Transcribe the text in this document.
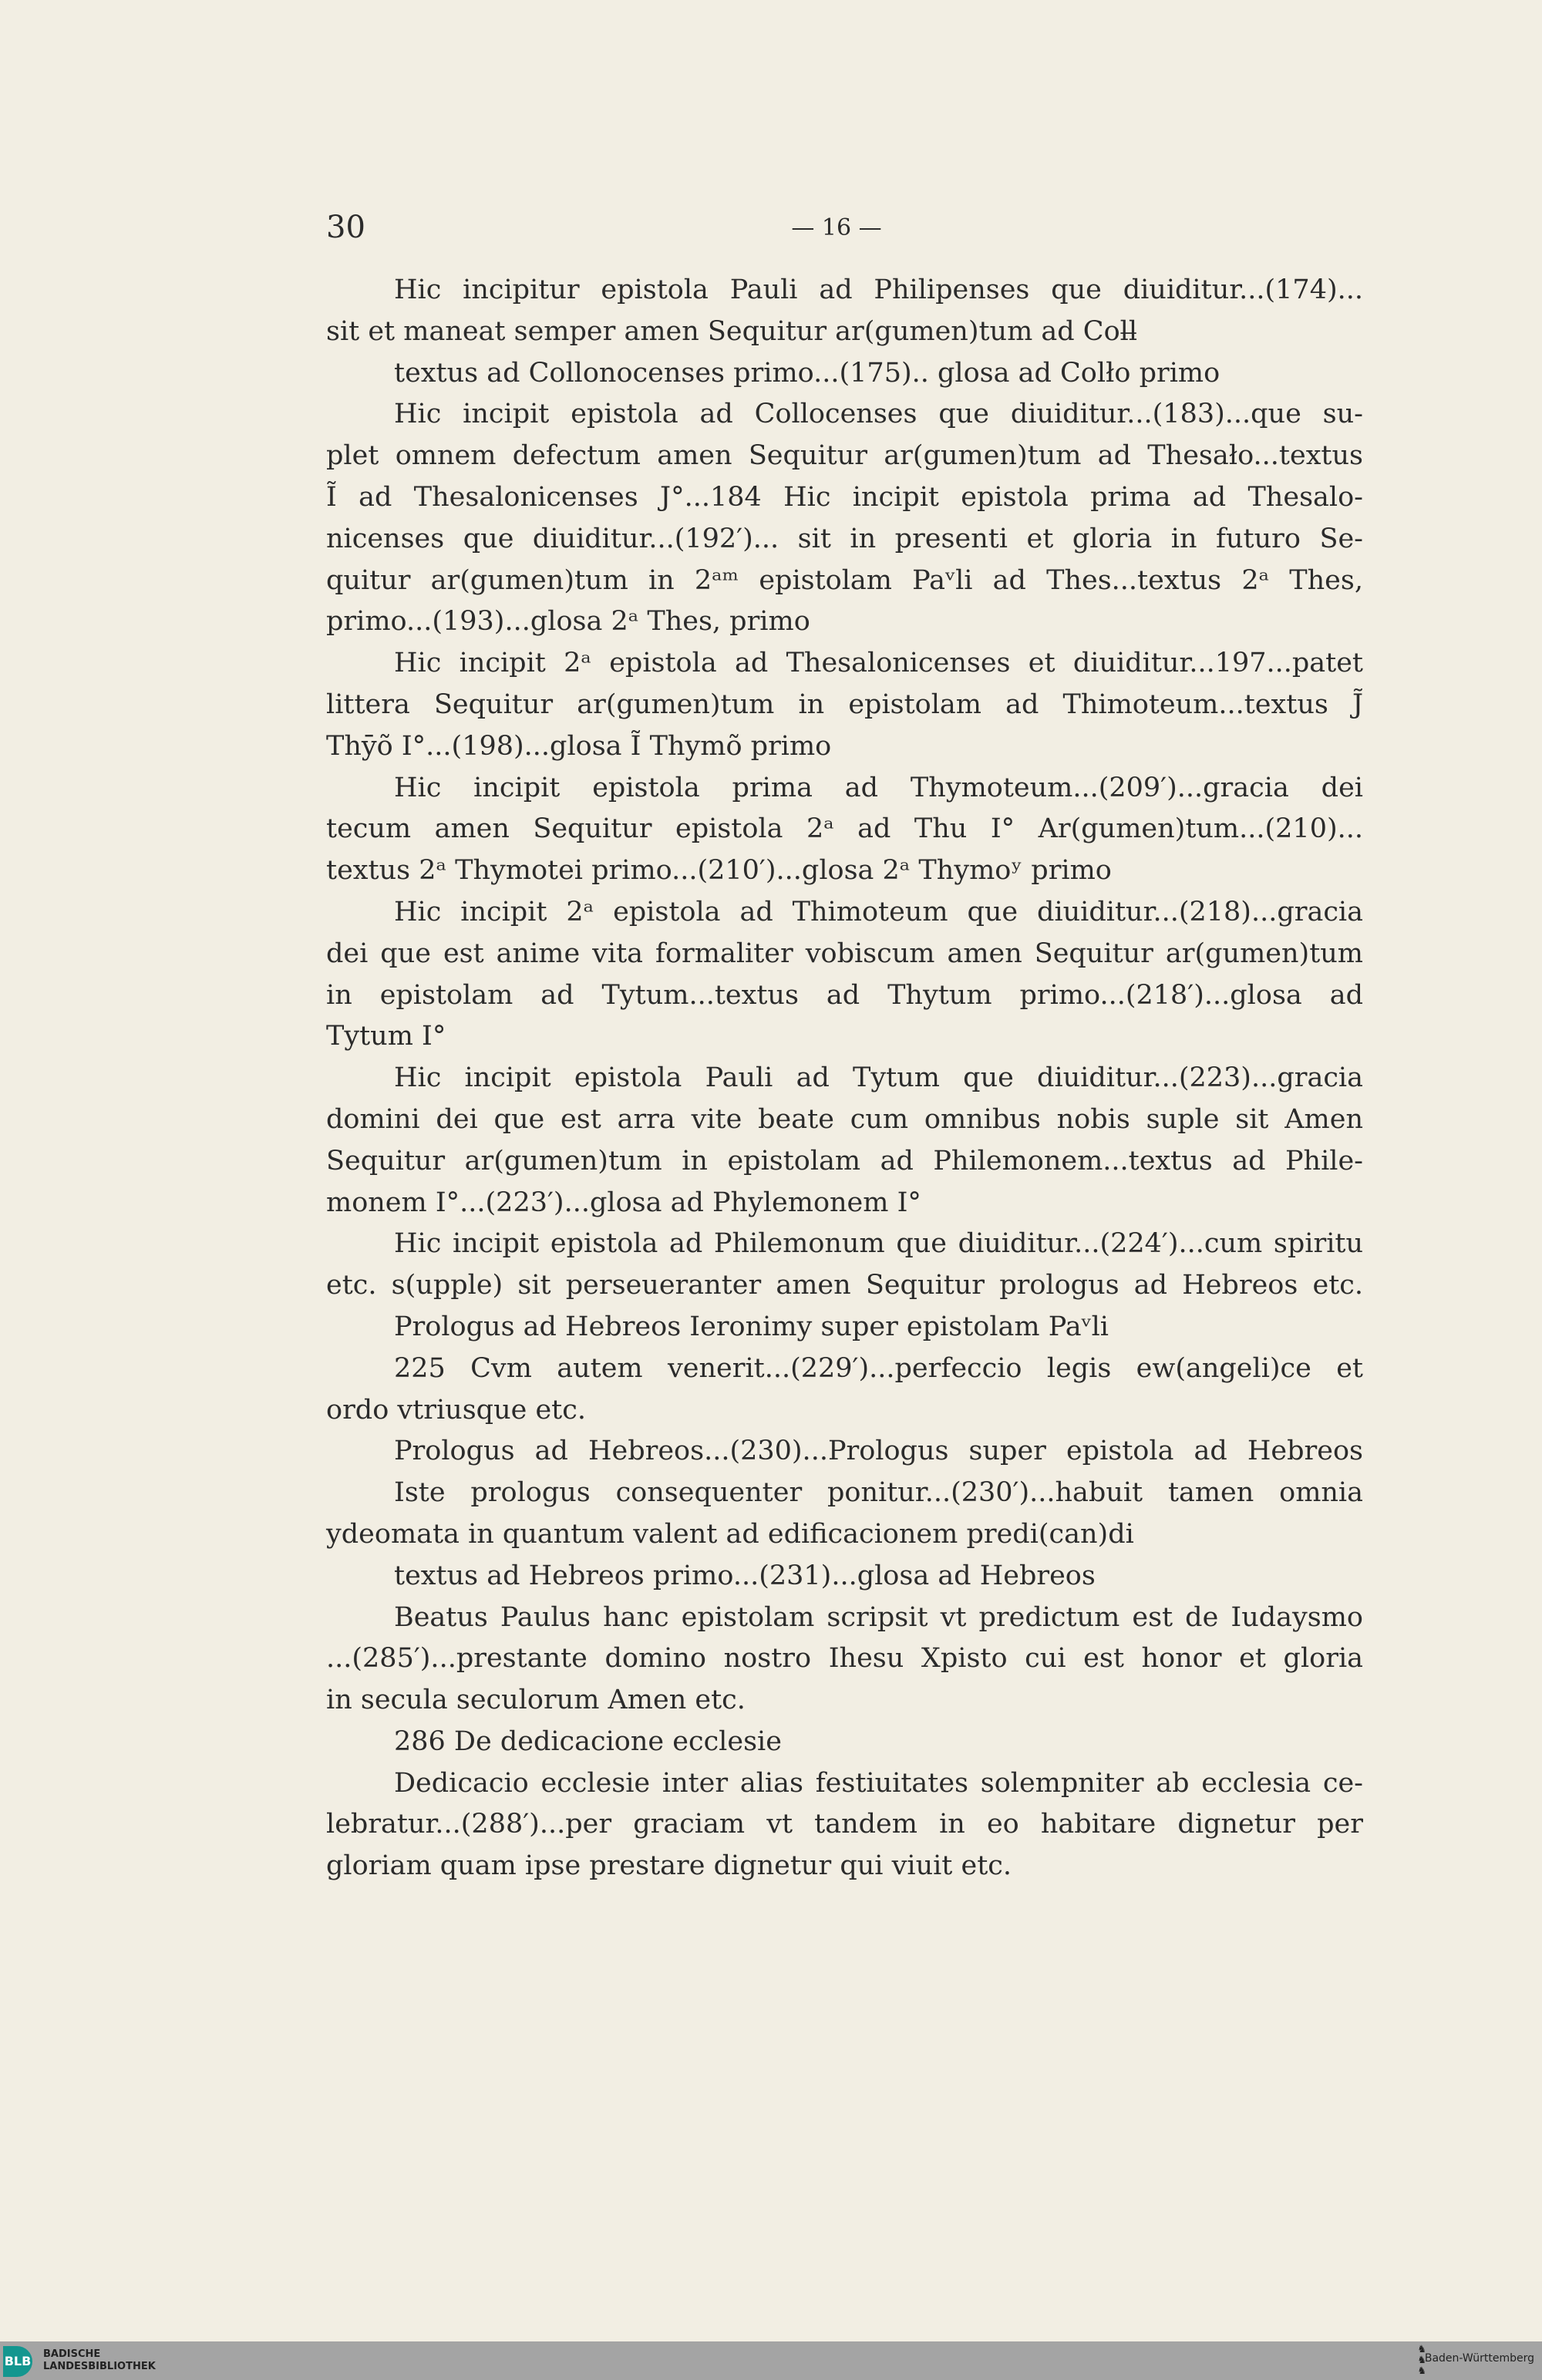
30	— 16 —
Hic incipitur epistola Pauli ad Philipenses que diuiditur...(174)...
sit et maneat semper amen Sequitur ar(gumen)tum ad Coll̶
textus ad Collonocenses primo...(175).. glosa ad Colło primo
Hic incipit epistola ad Collocenses que diuiditur...(183)...que su-
plet omnem defectum amen Sequitur ar(gumen)tum ad Thesało...textus
Ĩ ad Thesalonicenses J°...184 Hic incipit epistola prima ad Thesalo-
nicenses que diuiditur...(192′)... sit in presenti et gloria in futuro Se-
quitur ar(gumen)tum in 2ᵃᵐ epistolam Paᵛli ad Thes...textus 2ᵃ Thes,
primo...(193)...glosa 2ᵃ Thes, primo
Hic incipit 2ᵃ epistola ad Thesalonicenses et diuiditur...197...patet
littera Sequitur ar(gumen)tum in epistolam ad Thimoteum...textus J̃
Thȳõ I°...(198)...glosa Ĩ Thymõ primo
Hic incipit epistola prima ad Thymoteum...(209′)...gracia dei
tecum amen Sequitur epistola 2ᵃ ad Thu I° Ar(gumen)tum...(210)...
textus 2ᵃ Thymotei primo...(210′)...glosa 2ᵃ Thymoʸ primo
Hic incipit 2ᵃ epistola ad Thimoteum que diuiditur...(218)...gracia
dei que est anime vita formaliter vobiscum amen Sequitur ar(gumen)tum
in epistolam ad Tytum...textus ad Thytum primo...(218′)...glosa ad
Tytum I°
Hic incipit epistola Pauli ad Tytum que diuiditur...(223)...gracia
domini dei que est arra vite beate cum omnibus nobis suple sit Amen
Sequitur ar(gumen)tum in epistolam ad Philemonem...textus ad Phile-
monem I°...(223′)...glosa ad Phylemonem I°
Hic incipit epistola ad Philemonum que diuiditur...(224′)...cum spiritu
etc. s(upple) sit perseueranter amen Sequitur prologus ad Hebreos etc.
Prologus ad Hebreos Ieronimy super epistolam Paᵛli
225 Cvm autem venerit...(229′)...perfeccio legis ew(angeli)ce et
ordo vtriusque etc.
Prologus ad Hebreos...(230)...Prologus super epistola ad Hebreos
Iste prologus consequenter ponitur...(230′)...habuit tamen omnia
ydeomata in quantum valent ad edificacionem predi(can)di
textus ad Hebreos primo...(231)...glosa ad Hebreos
Beatus Paulus hanc epistolam scripsit vt predictum est de Iudaysmo
...(285′)...prestante domino nostro Ihesu Xpisto cui est honor et gloria
in secula seculorum Amen etc.
286 De dedicacione ecclesie
Dedicacio ecclesie inter alias festiuitates solempniter ab ecclesia ce-
lebratur...(288′)...per graciam vt tandem in eo habitare dignetur per
gloriam quam ipse prestare dignetur qui viuit etc.
BLB BADISCHE
LANDESBIBLIOTHEK
♞
♞
♞
Baden-Württemberg
